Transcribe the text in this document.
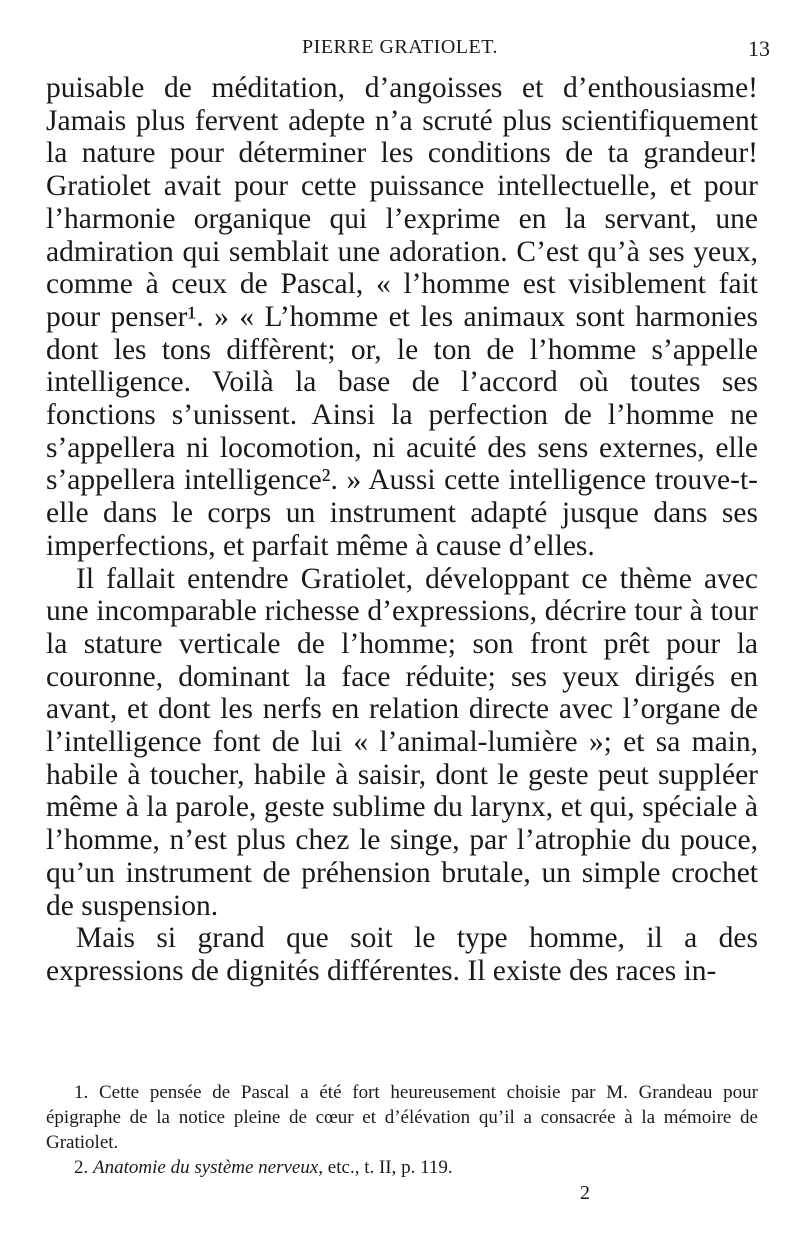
PIERRE GRATIOLET.	13

puisable de méditation, d’angoisses et d’enthousiasme! Jamais plus fervent adepte n’a scruté plus scientifiquement la nature pour déterminer les conditions de ta grandeur! Gratiolet avait pour cette puissance intellectuelle, et pour l’harmonie organique qui l’exprime en la servant, une admiration qui semblait une adoration. C’est qu’à ses yeux, comme à ceux de Pascal, « l’homme est visiblement fait pour penser¹. » « L’homme et les animaux sont harmonies dont les tons diffèrent; or, le ton de l’homme s’appelle intelligence. Voilà la base de l’accord où toutes ses fonctions s’unissent. Ainsi la perfection de l’homme ne s’appellera ni locomotion, ni acuité des sens externes, elle s’appellera intelligence². » Aussi cette intelligence trouve-t-elle dans le corps un instrument adapté jusque dans ses imperfections, et parfait même à cause d’elles.

Il fallait entendre Gratiolet, développant ce thème avec une incomparable richesse d’expressions, décrire tour à tour la stature verticale de l’homme; son front prêt pour la couronne, dominant la face réduite; ses yeux dirigés en avant, et dont les nerfs en relation directe avec l’organe de l’intelligence font de lui « l’animal-lumière »; et sa main, habile à toucher, habile à saisir, dont le geste peut suppléer même à la parole, geste sublime du larynx, et qui, spéciale à l’homme, n’est plus chez le singe, par l’atrophie du pouce, qu’un instrument de préhension brutale, un simple crochet de suspension.

Mais si grand que soit le type homme, il a des expressions de dignités différentes. Il existe des races in-

1. Cette pensée de Pascal a été fort heureusement choisie par M. Grandeau pour épigraphe de la notice pleine de cœur et d’élévation qu’il a consacrée à la mémoire de Gratiolet.

2. Anatomie du système nerveux, etc., t. II, p. 119.

2
